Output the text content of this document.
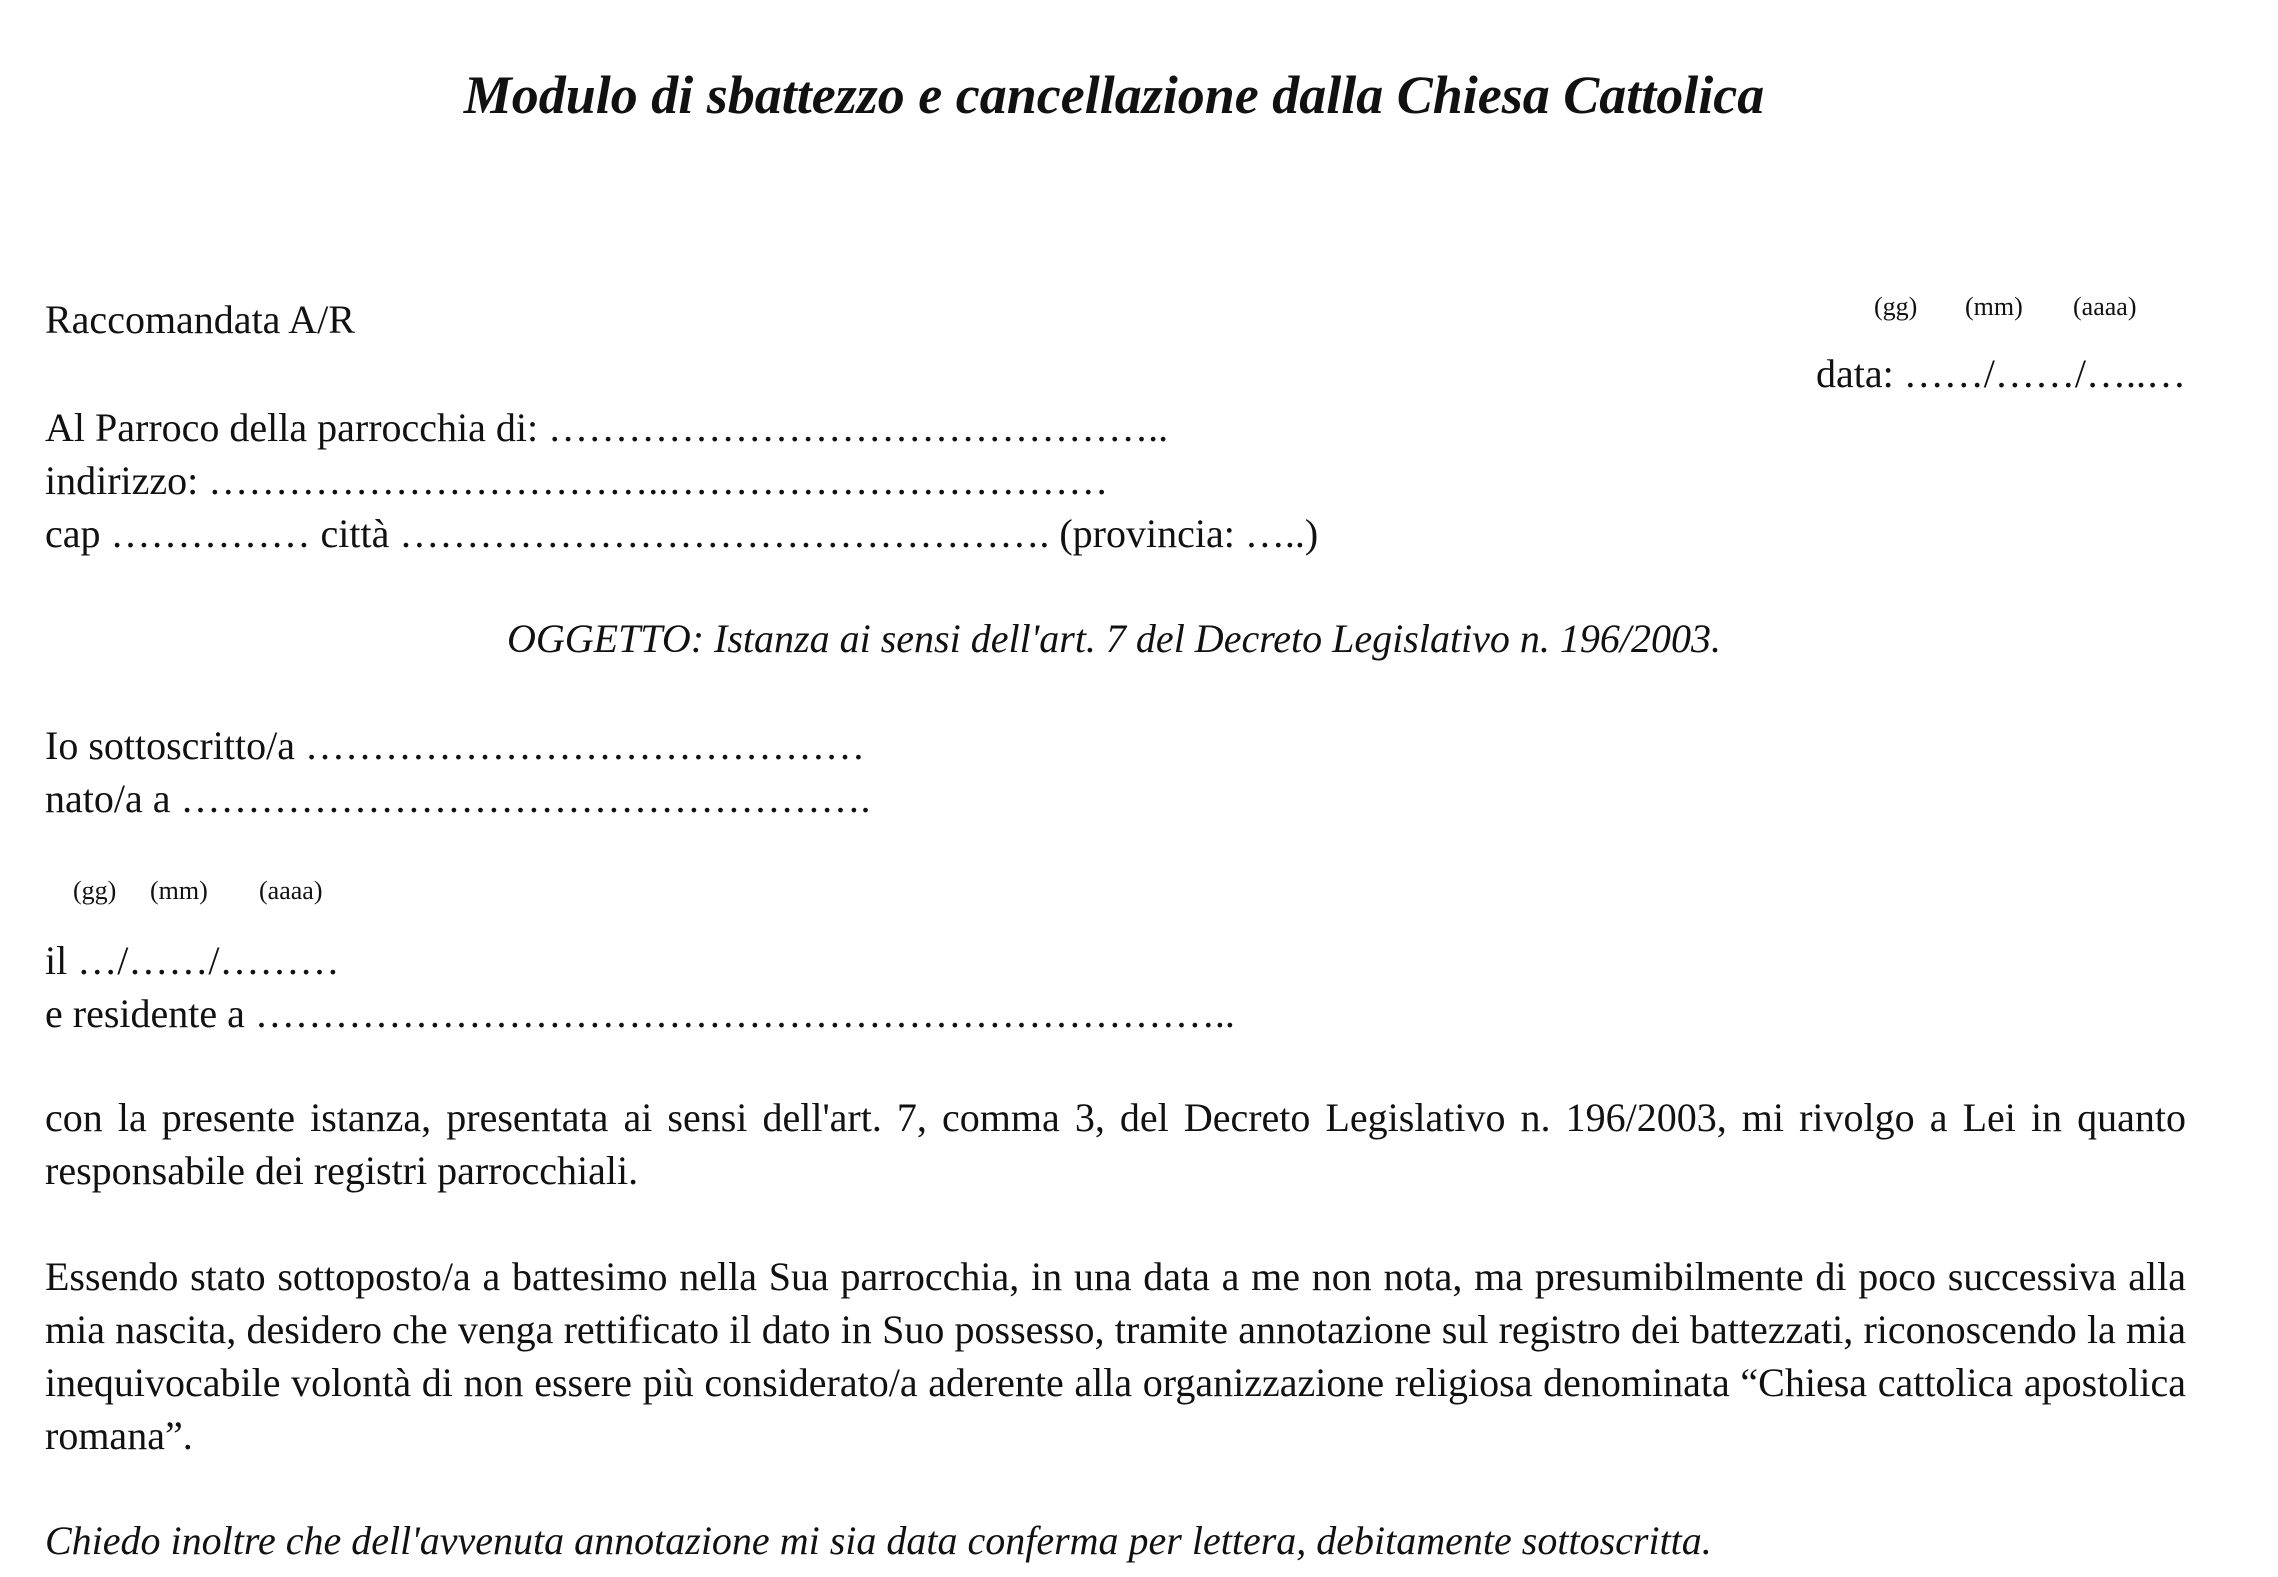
Modulo di sbattezzo e cancellazione dalla Chiesa Cattolica
Raccomandata A/R	(gg) (mm) (aaaa)
data: ……/……/…..…
Al Parroco della parrocchia di: ………………………………………..
indirizzo: ……………………………..……………………………
cap …………… città …………………………………………. (provincia: …..)
OGGETTO: Istanza ai sensi dell'art. 7 del Decreto Legislativo n. 196/2003.
Io sottoscritto/a ……………………………………
nato/a a …………………………………………….
(gg) (mm) (aaaa)
il …/……/………
e residente a ………………………………………………………………..
con la presente istanza, presentata ai sensi dell'art. 7, comma 3, del Decreto Legislativo n. 196/2003, mi rivolgo a Lei in quanto responsabile dei registri parrocchiali.
Essendo stato sottoposto/a a battesimo nella Sua parrocchia, in una data a me non nota, ma presumibilmente di poco successiva alla mia nascita, desidero che venga rettificato il dato in Suo possesso, tramite annotazione sul registro dei battezzati, riconoscendo la mia inequivocabile volontà di non essere più considerato/a aderente alla organizzazione religiosa denominata “Chiesa cattolica apostolica romana”.
Chiedo inoltre che dell'avvenuta annotazione mi sia data conferma per lettera, debitamente sottoscritta.
